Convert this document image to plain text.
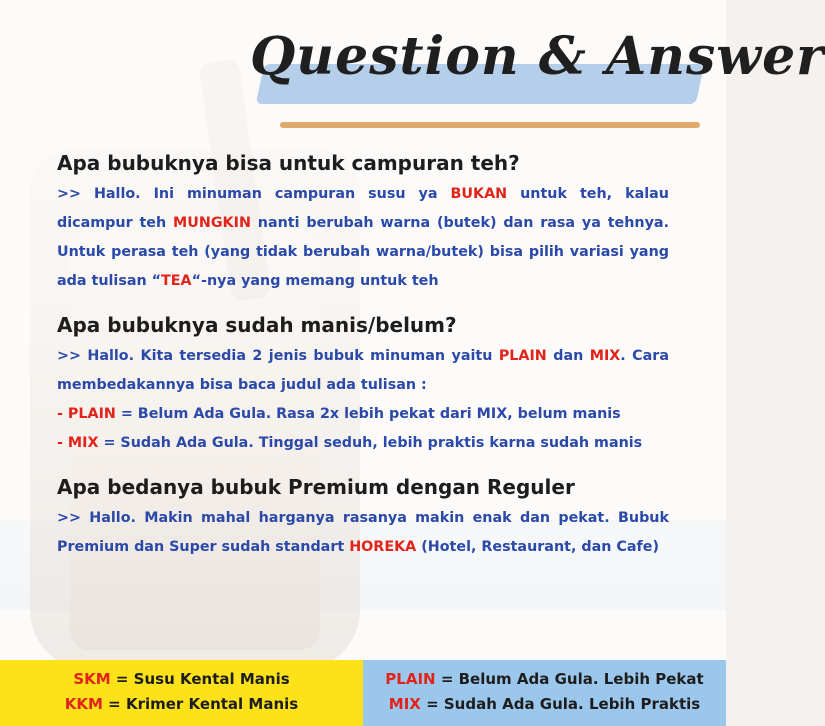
Question & Answer
Apa bubuknya bisa untuk campuran teh?
>> Hallo. Ini minuman campuran susu ya BUKAN untuk teh, kalau dicampur teh MUNGKIN nanti berubah warna (butek) dan rasa ya tehnya. Untuk perasa teh (yang tidak berubah warna/butek) bisa pilih variasi yang ada tulisan “TEA“-nya yang memang untuk teh
Apa bubuknya sudah manis/belum?
>> Hallo. Kita tersedia 2 jenis bubuk minuman yaitu PLAIN dan MIX. Cara membedakannya bisa baca judul ada tulisan :
- PLAIN = Belum Ada Gula. Rasa 2x lebih pekat dari MIX, belum manis
- MIX = Sudah Ada Gula. Tinggal seduh, lebih praktis karna sudah manis
Apa bedanya bubuk Premium dengan Reguler
>> Hallo. Makin mahal harganya rasanya makin enak dan pekat. Bubuk Premium dan Super sudah standart HOREKA (Hotel, Restaurant, dan Cafe)
SKM = Susu Kental Manis
KKM = Krimer Kental Manis
PLAIN = Belum Ada Gula. Lebih Pekat
MIX = Sudah Ada Gula. Lebih Praktis
